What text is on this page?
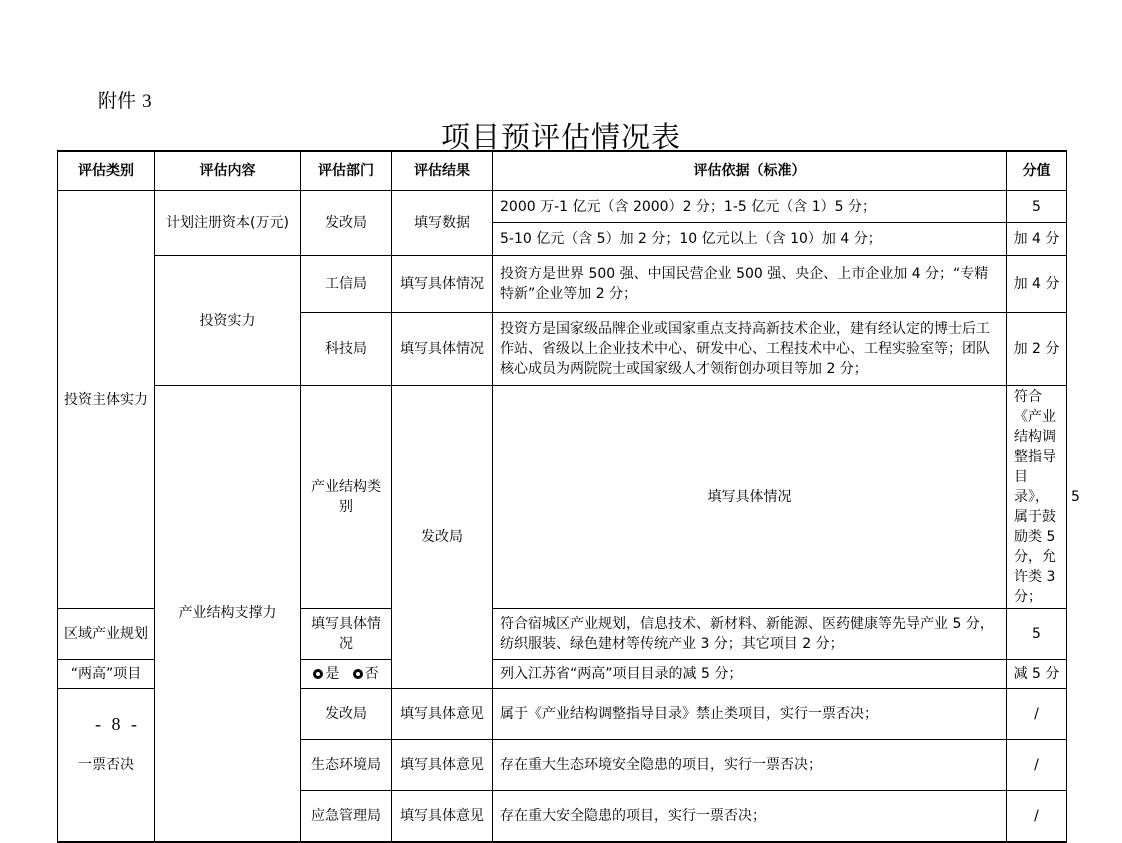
附件 3
项目预评估情况表
评估类别	评估内容	评估部门	评估结果	评估依据（标准）	分值	
投资主体实力	计划注册资本(万元)	发改局	填写数据	2000 万-1 亿元（含 2000）2 分；1-5 亿元（含 1）5 分；	5	
				5-10 亿元（含 5）加 2 分；10 亿元以上（含 10）加 4 分；	加 4 分	
	投资实力	工信局	填写具体情况	投资方是世界 500 强、中国民营企业 500 强、央企、上市企业加 4 分；“专精特新”企业等加 2 分；	加 4 分	
		科技局	填写具体情况	投资方是国家级品牌企业或国家重点支持高新技术企业，建有经认定的博士后工作站、省级以上企业技术中心、研发中心、工程技术中心、工程实验室等；团队核心成员为两院院士或国家级人才领衔创办项目等加 2 分；	加 2 分	
	产业结构支撑力	产业结构类别	发改局	填写具体情况	符合《产业结构调整指导目录》，属于鼓励类 5 分，允许类 3 分；	5
区域产业规划		填写具体情况		符合宿城区产业规划，信息技术、新材料、新能源、医药健康等先导产业 5 分，纺织服装、绿色建材等传统产业 3 分；其它项目 2 分；	5	
“两高”项目		是 否		列入江苏省“两高”项目目录的减 5 分；	减 5 分	
一票否决		发改局	填写具体意见	属于《产业结构调整指导目录》禁止类项目，实行一票否决；	/	
		生态环境局	填写具体意见	存在重大生态环境安全隐患的项目，实行一票否决；	/	
		应急管理局	填写具体意见	存在重大安全隐患的项目，实行一票否决；	/	
- 8 -
